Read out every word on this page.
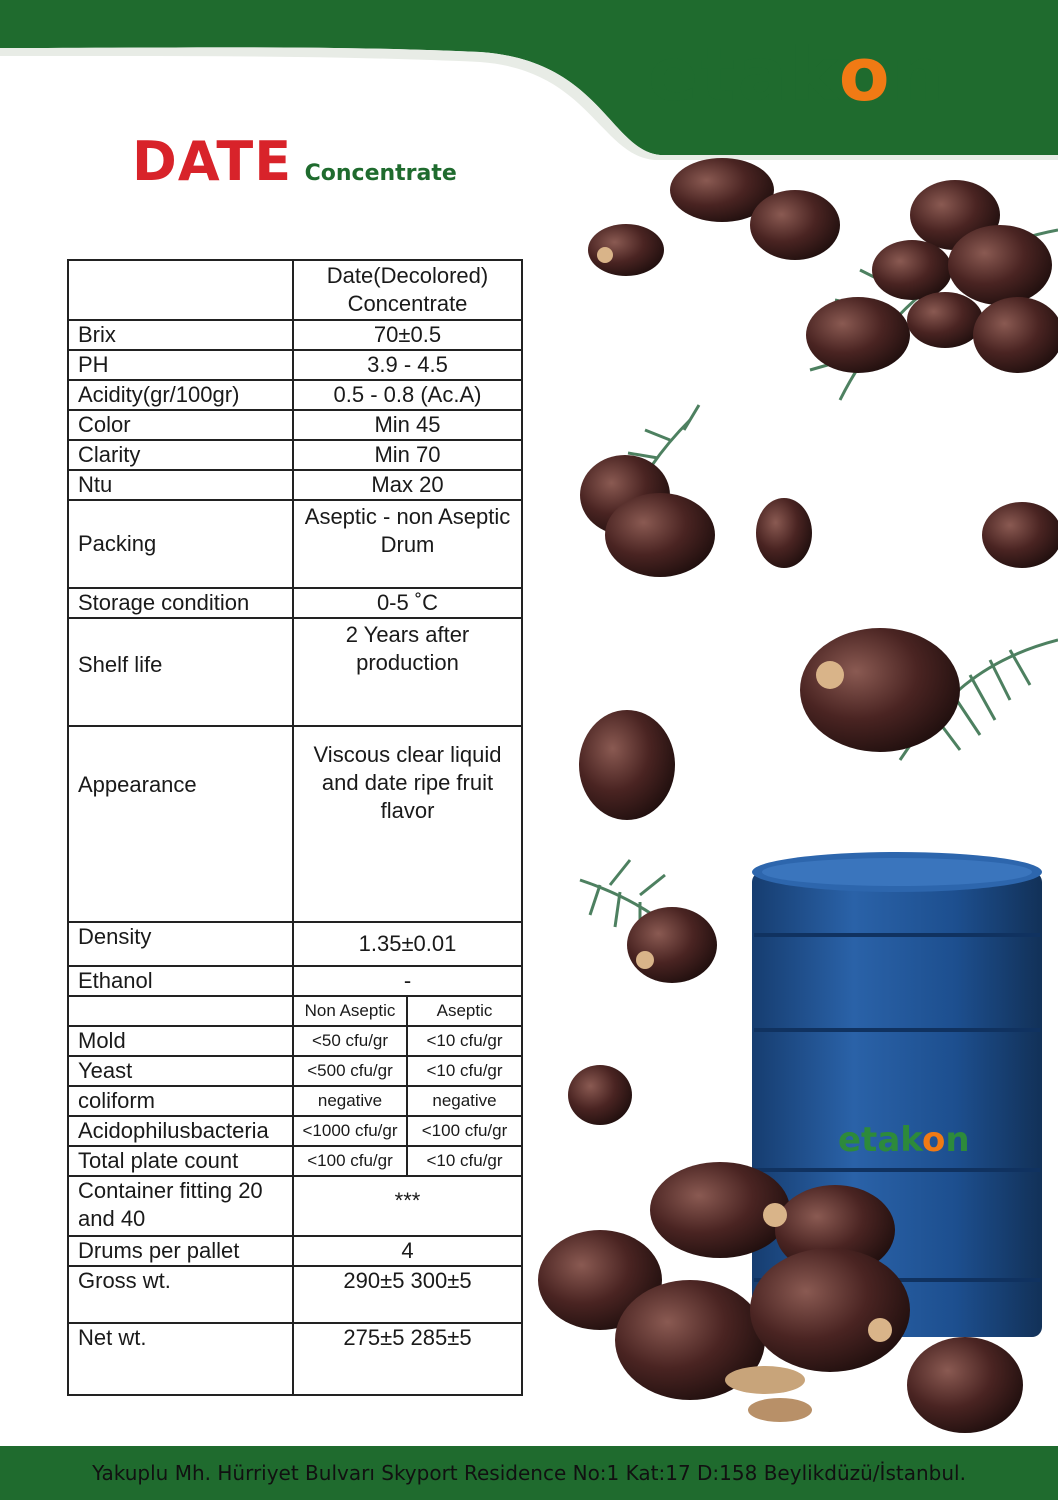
etakon
DATE Concentrate
	Date(Decolored) Concentrate	
Brix	70±0.5	
PH	3.9 - 4.5	
Acidity(gr/100gr)	0.5 - 0.8 (Ac.A)	
Color	Min 45	
Clarity	Min 70	
Ntu	Max 20	
Packing	Aseptic - non Aseptic Drum	
Storage condition	0-5 ˚C	
Shelf life	2 Years after production	
Appearance	Viscous clear liquid and date ripe fruit flavor	
Density	1.35±0.01	
Ethanol	-	
	Non Aseptic	Aseptic
Mold	<50 cfu/gr	<10 cfu/gr
Yeast	<500 cfu/gr	<10 cfu/gr
coliform	negative	negative
Acidophilusbacteria	<1000 cfu/gr	<100 cfu/gr
Total plate count	<100 cfu/gr	<10 cfu/gr
Container fitting 20 and 40	***	
Drums per pallet	4	
Gross wt.	290±5 300±5	
Net wt.	275±5 285±5	
etakon
Yakuplu Mh. Hürriyet Bulvarı Skyport Residence No:1 Kat:17 D:158 Beylikdüzü/İstanbul.
